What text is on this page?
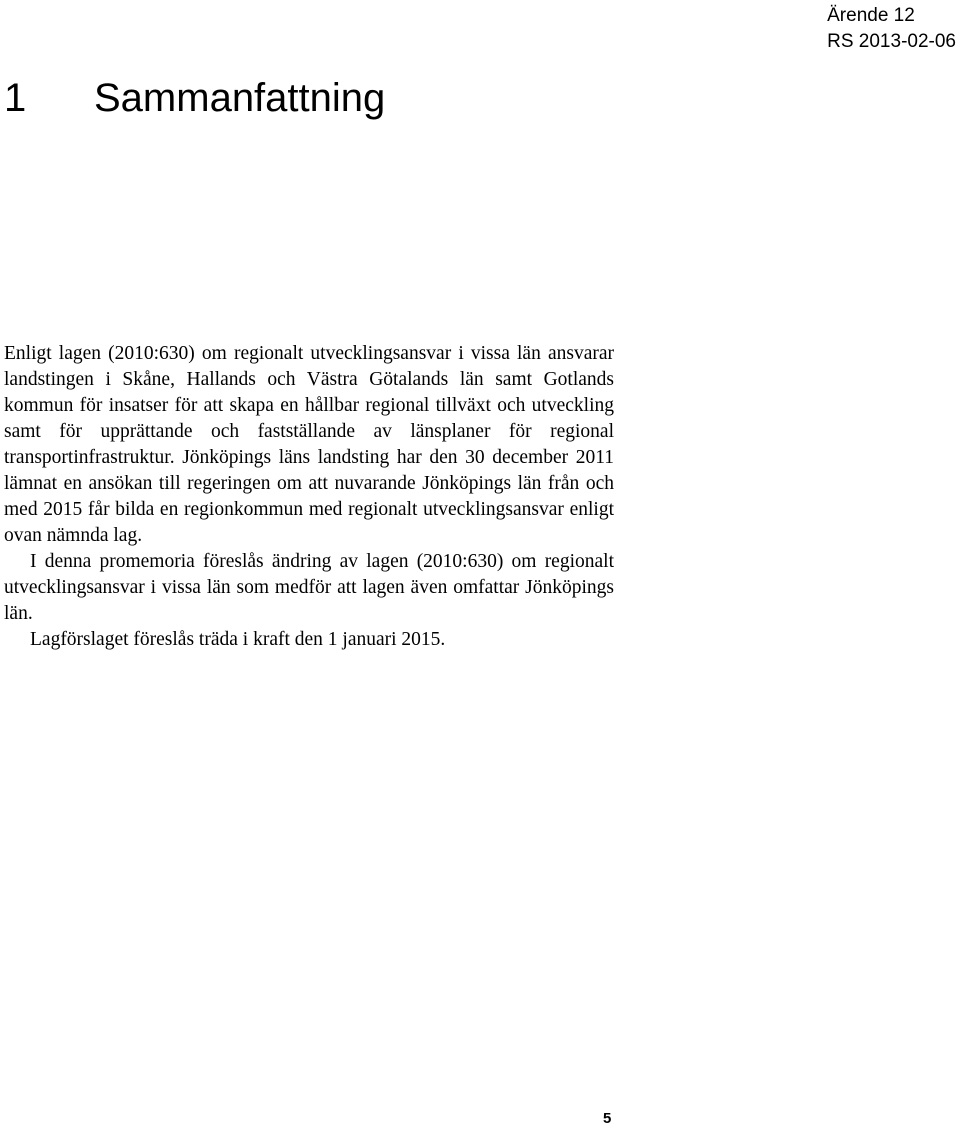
Ärende 12
RS 2013-02-06
1 Sammanfattning

Enligt lagen (2010:630) om regionalt utvecklingsansvar i vissa län ansvarar landstingen i Skåne, Hallands och Västra Götalands län samt Gotlands kommun för insatser för att skapa en hållbar regional tillväxt och utveckling samt för upprättande och fastställande av länsplaner för regional transportinfrastruktur. Jönköpings läns landsting har den 30 december 2011 lämnat en ansökan till regeringen om att nuvarande Jönköpings län från och med 2015 får bilda en regionkommun med regionalt utvecklingsansvar enligt ovan nämnda lag.

I denna promemoria föreslås ändring av lagen (2010:630) om regionalt utvecklingsansvar i vissa län som medför att lagen även omfattar Jönköpings län.

Lagförslaget föreslås träda i kraft den 1 januari 2015.

5
